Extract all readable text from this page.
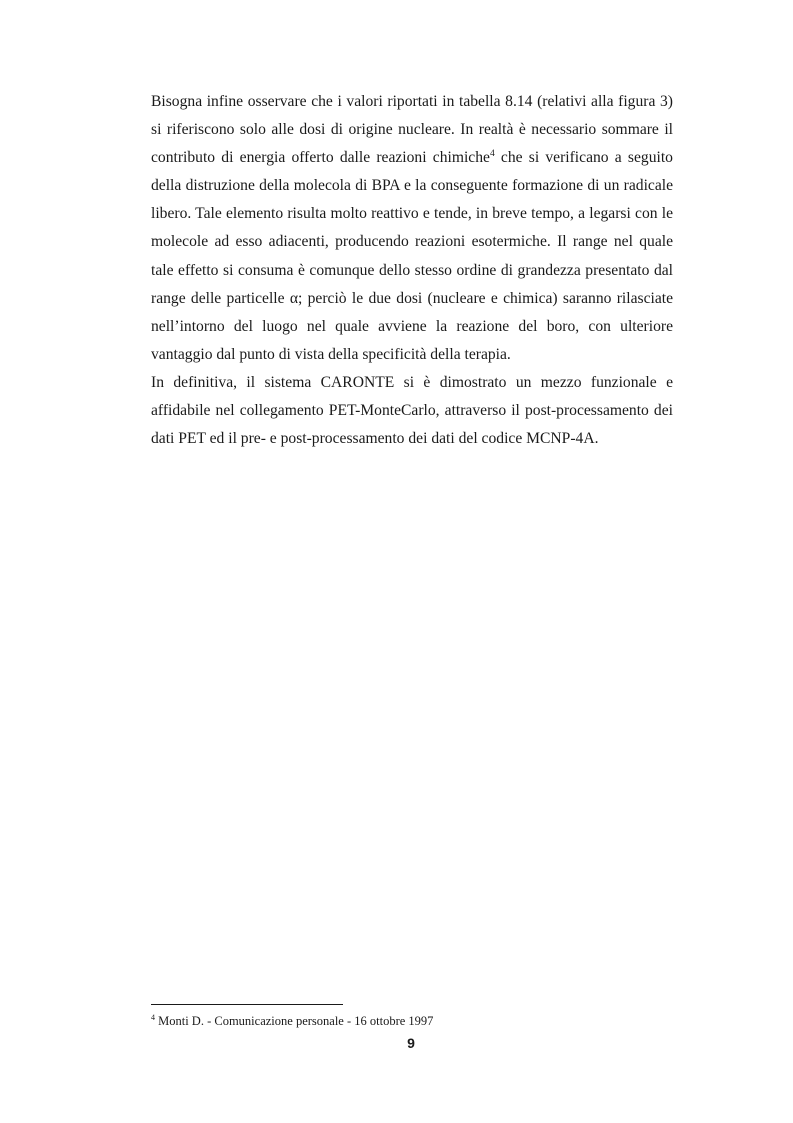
Bisogna infine osservare che i valori riportati in tabella 8.14 (relativi alla figura 3) si riferiscono solo alle dosi di origine nucleare. In realtà è necessario sommare il contributo di energia offerto dalle reazioni chimiche$^4$ che si verificano a seguito della distruzione della molecola di BPA e la conseguente formazione di un radicale libero. Tale elemento risulta molto reattivo e tende, in breve tempo, a legarsi con le molecole ad esso adiacenti, producendo reazioni esotermiche. Il range nel quale tale effetto si consuma è comunque dello stesso ordine di grandezza presentato dal range delle particelle α; perciò le due dosi (nucleare e chimica) saranno rilasciate nell’intorno del luogo nel quale avviene la reazione del boro, con ulteriore vantaggio dal punto di vista della specificità della terapia.

In definitiva, il sistema CARONTE si è dimostrato un mezzo funzionale e affidabile nel collegamento PET-MonteCarlo, attraverso il post-processamento dei dati PET ed il pre- e post-processamento dei dati del codice MCNP-4A.

$^4$ Monti D. - Comunicazione personale - 16 ottobre 1997

9
